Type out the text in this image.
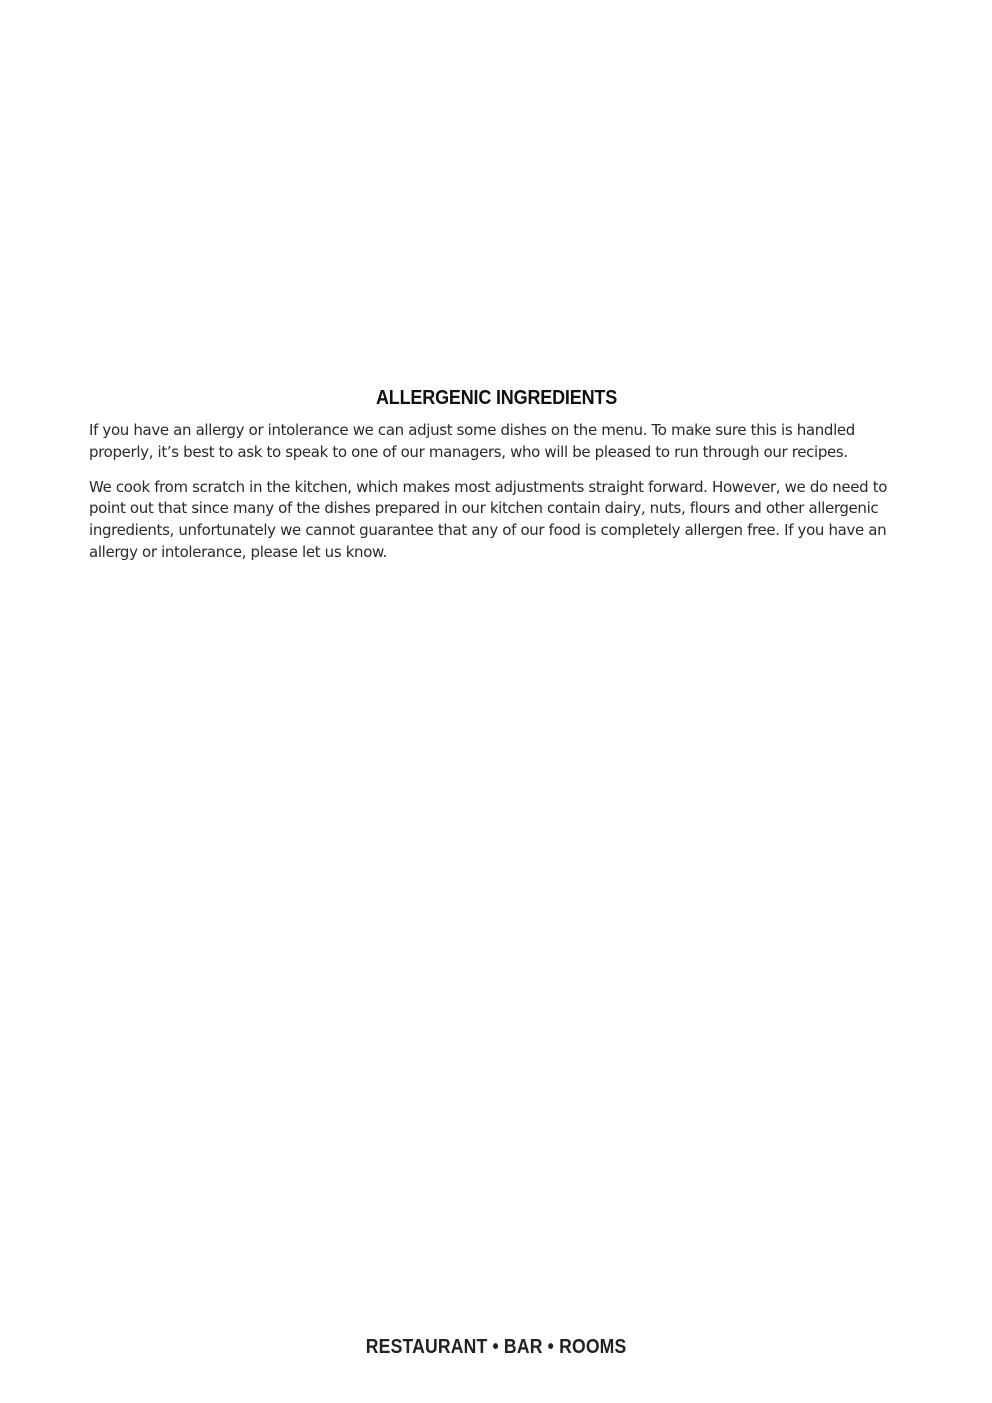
ALLERGENIC INGREDIENTS

If you have an allergy or intolerance we can adjust some dishes on the menu. To make sure this is handled properly, it’s best to ask to speak to one of our managers, who will be pleased to run through our recipes.

We cook from scratch in the kitchen, which makes most adjustments straight forward. However, we do need to point out that since many of the dishes prepared in our kitchen contain dairy, nuts, flours and other allergenic ingredients, unfortunately we cannot guarantee that any of our food is completely allergen free. If you have an allergy or intolerance, please let us know.

RESTAURANT • BAR • ROOMS
